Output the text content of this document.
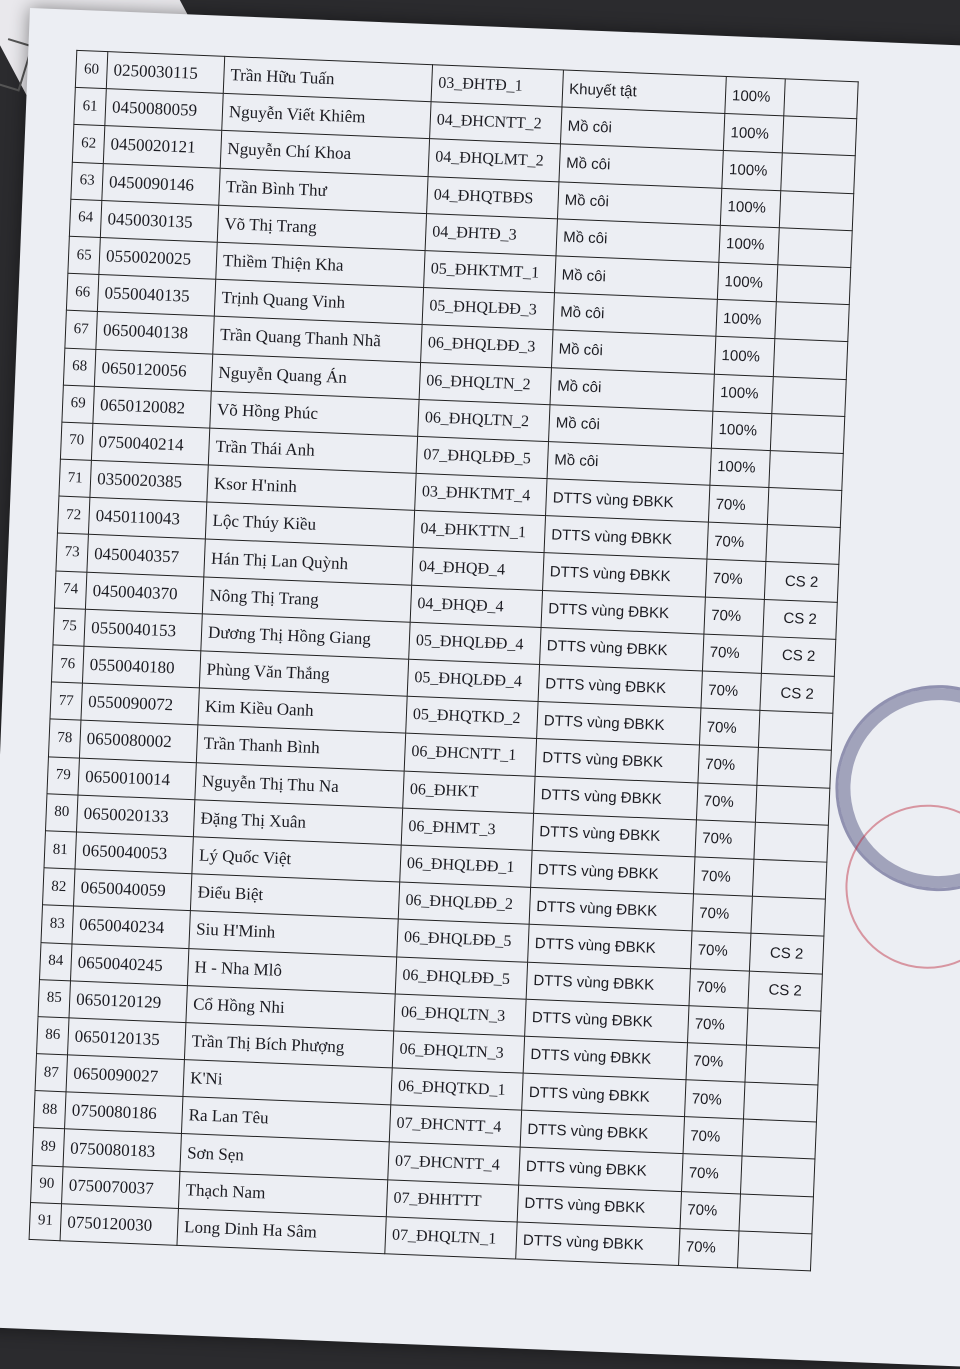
60	0250030115	Trần Hữu Tuấn	03_ĐHTĐ_1	Khuyết tật	100%	
61	0450080059	Nguyễn Viết Khiêm	04_ĐHCNTT_2	Mồ côi	100%	
62	0450020121	Nguyễn Chí Khoa	04_ĐHQLMT_2	Mồ côi	100%	
63	0450090146	Trần Bình Thư	04_ĐHQTBĐS	Mồ côi	100%	
64	0450030135	Võ Thị Trang	04_ĐHTĐ_3	Mồ côi	100%	
65	0550020025	Thiềm Thiện Kha	05_ĐHKTMT_1	Mồ côi	100%	
66	0550040135	Trịnh Quang Vinh	05_ĐHQLĐĐ_3	Mồ côi	100%	
67	0650040138	Trần Quang Thanh Nhã	06_ĐHQLĐĐ_3	Mồ côi	100%	
68	0650120056	Nguyễn Quang Án	06_ĐHQLTN_2	Mồ côi	100%	
69	0650120082	Võ Hồng Phúc	06_ĐHQLTN_2	Mồ côi	100%	
70	0750040214	Trần Thái Anh	07_ĐHQLĐĐ_5	Mồ côi	100%	
71	0350020385	Ksor H'ninh	03_ĐHKTMT_4	DTTS vùng ĐBKK	70%	
72	0450110043	Lộc Thúy Kiều	04_ĐHKTTN_1	DTTS vùng ĐBKK	70%	
73	0450040357	Hán Thị Lan Quỳnh	04_ĐHQĐ_4	DTTS vùng ĐBKK	70%	CS 2
74	0450040370	Nông Thị Trang	04_ĐHQĐ_4	DTTS vùng ĐBKK	70%	CS 2
75	0550040153	Dương Thị Hồng Giang	05_ĐHQLĐĐ_4	DTTS vùng ĐBKK	70%	CS 2
76	0550040180	Phùng Văn Thắng	05_ĐHQLĐĐ_4	DTTS vùng ĐBKK	70%	CS 2
77	0550090072	Kim Kiều Oanh	05_ĐHQTKD_2	DTTS vùng ĐBKK	70%	
78	0650080002	Trần Thanh Bình	06_ĐHCNTT_1	DTTS vùng ĐBKK	70%	
79	0650010014	Nguyễn Thị Thu Na	06_ĐHKT	DTTS vùng ĐBKK	70%	
80	0650020133	Đặng Thị Xuân	06_ĐHMT_3	DTTS vùng ĐBKK	70%	
81	0650040053	Lý Quốc Việt	06_ĐHQLĐĐ_1	DTTS vùng ĐBKK	70%	
82	0650040059	Điểu Biệt	06_ĐHQLĐĐ_2	DTTS vùng ĐBKK	70%	
83	0650040234	Siu H'Minh	06_ĐHQLĐĐ_5	DTTS vùng ĐBKK	70%	CS 2
84	0650040245	H - Nha Mlô	06_ĐHQLĐĐ_5	DTTS vùng ĐBKK	70%	CS 2
85	0650120129	Cổ Hồng Nhi	06_ĐHQLTN_3	DTTS vùng ĐBKK	70%	
86	0650120135	Trần Thị Bích Phượng	06_ĐHQLTN_3	DTTS vùng ĐBKK	70%	
87	0650090027	K'Ni	06_ĐHQTKD_1	DTTS vùng ĐBKK	70%	
88	0750080186	Ra Lan Têu	07_ĐHCNTT_4	DTTS vùng ĐBKK	70%	
89	0750080183	Sơn Sẹn	07_ĐHCNTT_4	DTTS vùng ĐBKK	70%	
90	0750070037	Thạch Nam	07_ĐHHTTT	DTTS vùng ĐBKK	70%	
91	0750120030	Long Dinh Ha Sâm	07_ĐHQLTN_1	DTTS vùng ĐBKK	70%	
